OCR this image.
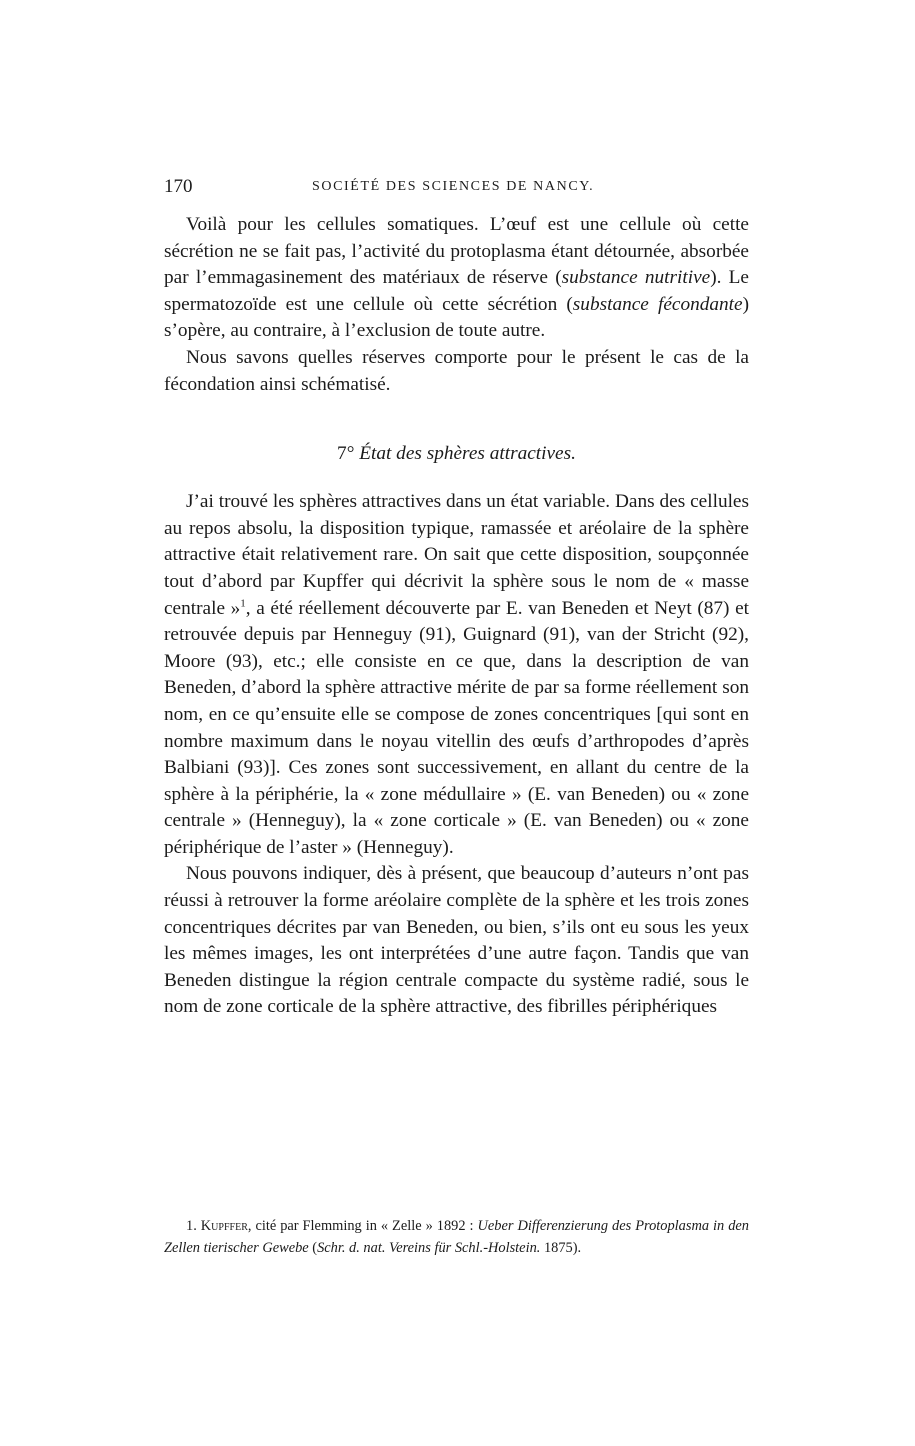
170	SOCIÉTÉ DES SCIENCES DE NANCY.

Voilà pour les cellules somatiques. L’œuf est une cellule où cette sécrétion ne se fait pas, l’activité du protoplasma étant détournée, absorbée par l’emmagasinement des matériaux de réserve (substance nutritive). Le spermatozoïde est une cellule où cette sécrétion (substance fécondante) s’opère, au contraire, à l’exclusion de toute autre.

Nous savons quelles réserves comporte pour le présent le cas de la fécondation ainsi schématisé.

7° État des sphères attractives.

J’ai trouvé les sphères attractives dans un état variable. Dans des cellules au repos absolu, la disposition typique, ramassée et aréolaire de la sphère attractive était relativement rare. On sait que cette disposition, soupçonnée tout d’abord par Kupffer qui décrivit la sphère sous le nom de « masse centrale »$^1$, a été réellement découverte par E. van Beneden et Neyt (87) et retrouvée depuis par Henneguy (91), Guignard (91), van der Stricht (92), Moore (93), etc.; elle consiste en ce que, dans la description de van Beneden, d’abord la sphère attractive mérite de par sa forme réellement son nom, en ce qu’ensuite elle se compose de zones concentriques [qui sont en nombre maximum dans le noyau vitellin des œufs d’arthropodes d’après Balbiani (93)]. Ces zones sont successivement, en allant du centre de la sphère à la périphérie, la « zone médullaire » (E. van Beneden) ou « zone centrale » (Henneguy), la « zone corticale » (E. van Beneden) ou « zone périphérique de l’aster » (Henneguy).

Nous pouvons indiquer, dès à présent, que beaucoup d’auteurs n’ont pas réussi à retrouver la forme aréolaire complète de la sphère et les trois zones concentriques décrites par van Beneden, ou bien, s’ils ont eu sous les yeux les mêmes images, les ont interprétées d’une autre façon. Tandis que van Beneden distingue la région centrale compacte du système radié, sous le nom de zone corticale de la sphère attractive, des fibrilles périphériques

1. Kupffer, cité par Flemming in « Zelle » 1892 : Ueber Differenzierung des Protoplasma in den Zellen tierischer Gewebe (Schr. d. nat. Vereins für Schl.-Holstein. 1875).
